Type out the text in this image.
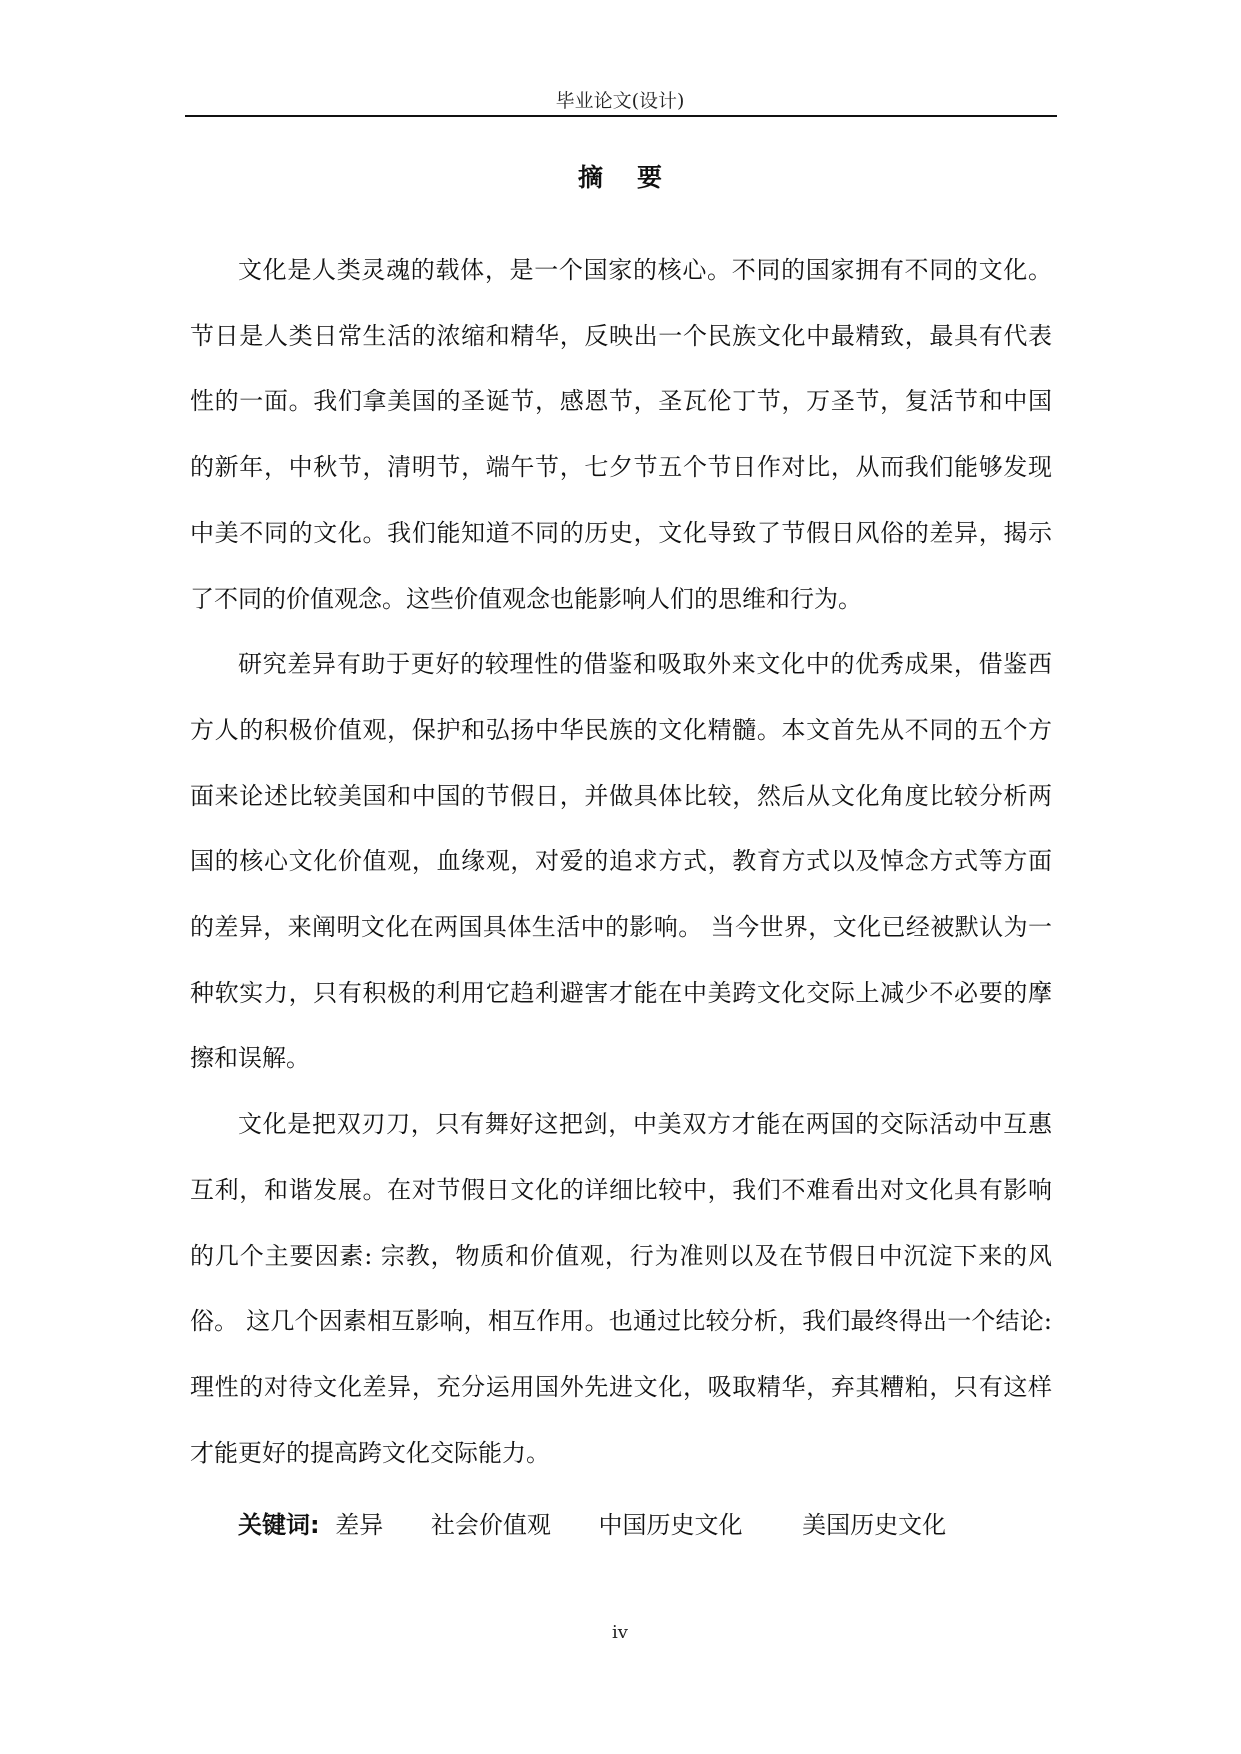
毕业论文(设计)
摘要

文化是人类灵魂的载体，是一个国家的核心。不同的国家拥有不同的文化。节日是人类日常生活的浓缩和精华，反映出一个民族文化中最精致，最具有代表性的一面。我们拿美国的圣诞节，感恩节，圣瓦伦丁节，万圣节，复活节和中国的新年，中秋节，清明节，端午节，七夕节五个节日作对比，从而我们能够发现中美不同的文化。我们能知道不同的历史，文化导致了节假日风俗的差异，揭示了不同的价值观念。这些价值观念也能影响人们的思维和行为。

研究差异有助于更好的较理性的借鉴和吸取外来文化中的优秀成果，借鉴西方人的积极价值观，保护和弘扬中华民族的文化精髓。本文首先从不同的五个方面来论述比较美国和中国的节假日，并做具体比较，然后从文化角度比较分析两国的核心文化价值观，血缘观，对爱的追求方式，教育方式以及悼念方式等方面的差异，来阐明文化在两国具体生活中的影响。 当今世界，文化已经被默认为一种软实力，只有积极的利用它趋利避害才能在中美跨文化交际上减少不必要的摩擦和误解。

文化是把双刃刀，只有舞好这把剑，中美双方才能在两国的交际活动中互惠互利，和谐发展。在对节假日文化的详细比较中，我们不难看出对文化具有影响的几个主要因素: 宗教，物质和价值观，行为准则以及在节假日中沉淀下来的风俗。 这几个因素相互影响，相互作用。也通过比较分析，我们最终得出一个结论: 理性的对待文化差异，充分运用国外先进文化，吸取精华，弃其糟粕，只有这样才能更好的提高跨文化交际能力。

关键词: 差异 社会价值观 中国历史文化 美国历史文化
iv
